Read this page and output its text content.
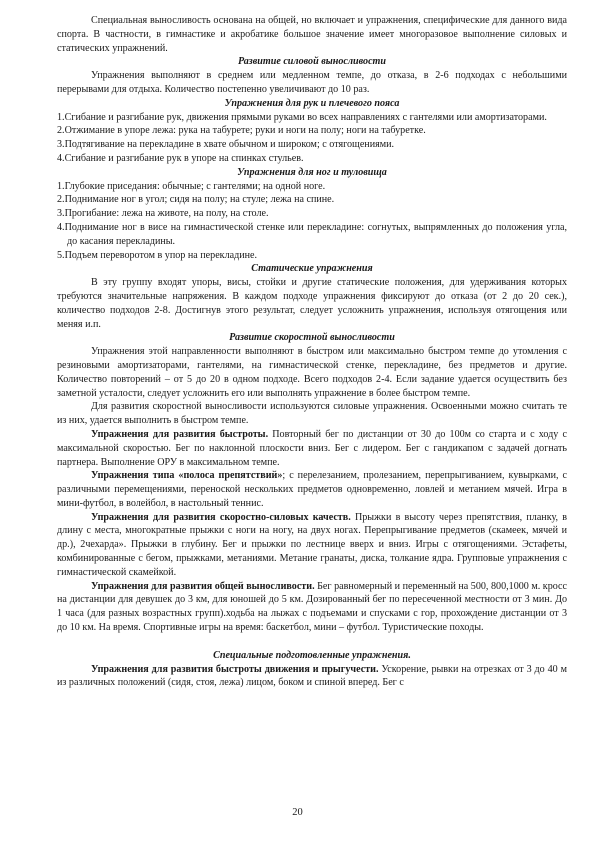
Специальная выносливость основана на общей, но включает и упражнения, специфические для данного вида спорта. В частности, в гимнастике и акробатике большое значение имеет многоразовое выполнение силовых и статических упражнений.

Развитие силовой выносливости

Упражнения выполняют в среднем или медленном темпе, до отказа, в 2-6 подходах с небольшими перерывами для отдыха. Количество постепенно увеличивают до 10 раз.

Упражнения для рук и плечевого пояса

1.Сгибание и разгибание рук, движения прямыми руками во всех направлениях с гантелями или амортизаторами.

2.Отжимание в упоре лежа: рука на табурете; руки и ноги на полу; ноги на табуретке.

3.Подтягивание на перекладине в хвате обычном и широком; с отягощениями.

4.Сгибание и разгибание рук в упоре на спинках стульев.

Упражнения для ног и туловища

1.Глубокие приседания: обычные; с гантелями; на одной ноге.

2.Поднимание ног в угол; сидя на полу; на стуле; лежа на спине.

3.Прогибание: лежа на животе, на полу, на столе.

4.Поднимание ног в висе на гимнастической стенке или перекладине: согнутых, выпрямленных до положения угла, до касания перекладины.

5.Подъем переворотом в упор на перекладине.

Статические упражнения

В эту группу входят упоры, висы, стойки и другие статические положения, для удерживания которых требуются значительные напряжения. В каждом подходе упражнения фиксируют до отказа (от 2 до 20 сек.), количество подходов 2-8. Достигнув этого результат, следует усложнить упражнения, используя отягощения или меняя и.п.

Развитие скоростной выносливости

Упражнения этой направленности выполняют в быстром или максимально быстром темпе до утомления с резиновыми амортизаторами, гантелями, на гимнастической стенке, перекладине, без предметов и другие. Количество повторений – от 5 до 20 в одном подходе. Всего подходов 2-4. Если задание удается осуществить без заметной усталости, следует усложнить его или выполнять упражнение в более быстром темпе.

Для развития скоростной выносливости используются силовые упражнения. Освоенными можно считать те из них, удается выполнить в быстром темпе.

Упражнения для развития быстроты. Повторный бег по дистанции от 30 до 100м со старта и с ходу с максимальной скоростью. Бег по наклонной плоскости вниз. Бег с лидером. Бег с гандикапом с задачей догнать партнера. Выполнение ОРУ в максимальном темпе.

Упражнения типа «полоса препятствий»; с перелезанием, пролезанием, перепрыгиванием, кувырками, с различными перемещениями, переноской нескольких предметов одновременно, ловлей и метанием мячей. Игра в мини-футбол, в волейбол, в настольный теннис.

Упражнения для развития скоростно-силовых качеств. Прыжки в высоту через препятствия, планку, в длину с места, многократные прыжки с ноги на ногу, на двух ногах. Перепрыгивание предметов (скамеек, мячей и др.), 2чехарда». Прыжки в глубину. Бег и прыжки по лестнице вверх и вниз. Игры с отягощениями. Эстафеты, комбинированные с бегом, прыжками, метаниями. Метание гранаты, диска, толкание ядра. Групповые упражнения с гимнастической скамейкой.

Упражнения для развития общей выносливости. Бег равномерный и переменный на 500, 800,1000 м. кросс на дистанции для девушек до 3 км, для юношей до 5 км. Дозированный бег по пересеченной местности от 3 мин. До 1 часа (для разных возрастных групп).ходьба на лыжах с подъемами и спусками с гор, прохождение дистанции от 3 до 10 км. На время. Спортивные игры на время: баскетбол, мини – футбол. Туристические походы.

Специальные подготовленные упражнения.

Упражнения для развития быстроты движения и прыгучести. Ускорение, рывки на отрезках от 3 до 40 м из различных положений (сидя, стоя, лежа) лицом, боком и спиной вперед. Бег с

20
